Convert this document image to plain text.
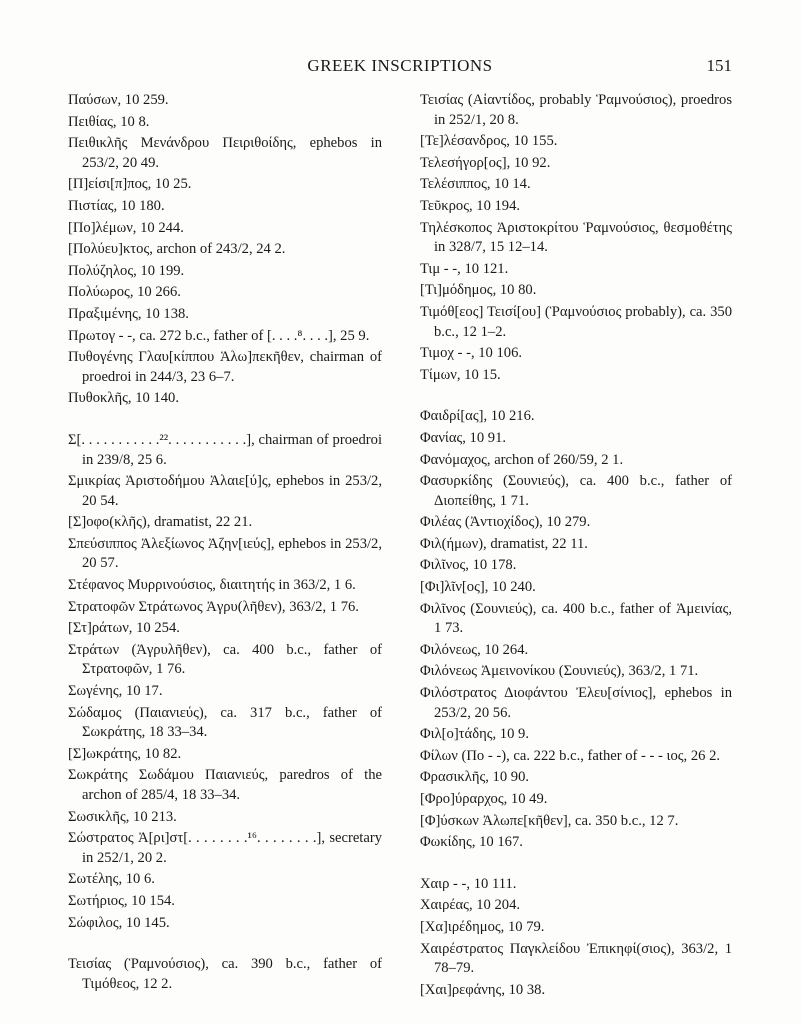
GREEK INSCRIPTIONS	151

Παύσων, 10 259.

Πειθίας, 10 8.

Πειθικλῆς Μενάνδρου Πειριθοίδης, ephebos in 253/2, 20 49.

[Π]είσι[π]πος, 10 25.

Πιστίας, 10 180.

[Πο]λέμων, 10 244.

[Πολύευ]κτος, archon of 243/2, 24 2.

Πολύζηλος, 10 199.

Πολύωρος, 10 266.

Πραξιμένης, 10 138.

Πρωτογ - -, ca. 272 b.c., father of [. . . .⁸. . . .], 25 9.

Πυθογένης Γλαυ[κίππου Ἁλω]πεκῆθεν, chairman of proedroi in 244/3, 23 6–7.

Πυθοκλῆς, 10 140.

Σ[. . . . . . . . . . .²². . . . . . . . . . .], chairman of proedroi in 239/8, 25 6.

Σμικρίας Ἀριστοδήμου Ἁλαιε[ύ]ς, ephebos in 253/2, 20 54.

[Σ]οφο(κλῆς), dramatist, 22 21.

Σπεύσιππος Ἀλεξίωνος Ἀζην[ιεύς], ephebos in 253/2, 20 57.

Στέφανος Μυρρινούσιος, διαιτητής in 363/2, 1 6.

Στρατοφῶν Στράτωνος Ἀγρυ(λῆθεν), 363/2, 1 76.

[Στ]ράτων, 10 254.

Στράτων (Ἀγρυλῆθεν), ca. 400 b.c., father of Στρατοφῶν, 1 76.

Σωγένης, 10 17.

Σώδαμος (Παιανιεύς), ca. 317 b.c., father of Σωκράτης, 18 33–34.

[Σ]ωκράτης, 10 82.

Σωκράτης Σωδάμου Παιανιεύς, paredros of the archon of 285/4, 18 33–34.

Σωσικλῆς, 10 213.

Σώστρατος Ἀ[ρι]στ[. . . . . . . .¹⁶. . . . . . . .], secretary in 252/1, 20 2.

Σωτέλης, 10 6.

Σωτήριος, 10 154.

Σώφιλος, 10 145.

Τεισίας (Ῥαμνούσιος), ca. 390 b.c., father of Τιμόθεος, 12 2.

Τεισίας (Αἰαντίδος, probably Ῥαμνούσιος), proedros in 252/1, 20 8.

[Τε]λέσανδρος, 10 155.

Τελεσήγορ[ος], 10 92.

Τελέσιππος, 10 14.

Τεῦκρος, 10 194.

Τηλέσκοπος Ἀριστοκρίτου Ῥαμνούσιος, θεσμοθέτης in 328/7, 15 12–14.

Τιμ - -, 10 121.

[Τι]μόδημος, 10 80.

Τιμόθ[εος] Τεισί[ου] (Ῥαμνούσιος probably), ca. 350 b.c., 12 1–2.

Τιμοχ - -, 10 106.

Τίμων, 10 15.

Φαιδρί[ας], 10 216.

Φανίας, 10 91.

Φανόμαχος, archon of 260/59, 2 1.

Φασυρκίδης (Σουνιεύς), ca. 400 b.c., father of Διοπείθης, 1 71.

Φιλέας (Ἀντιοχίδος), 10 279.

Φιλ(ήμων), dramatist, 22 11.

Φιλῖνος, 10 178.

[Φι]λῖν[ος], 10 240.

Φιλῖνος (Σουνιεύς), ca. 400 b.c., father of Ἀμεινίας, 1 73.

Φιλόνεως, 10 264.

Φιλόνεως Ἀμεινονίκου (Σουνιεύς), 363/2, 1 71.

Φιλόστρατος Διοφάντου Ἐλευ[σίνιος], ephebos in 253/2, 20 56.

Φιλ[ο]τάδης, 10 9.

Φίλων (Πο - -), ca. 222 b.c., father of - - - ιος, 26 2.

Φρασικλῆς, 10 90.

[Φρο]ύραρχος, 10 49.

[Φ]ύσκων Ἀλωπε[κῆθεν], ca. 350 b.c., 12 7.

Φωκίδης, 10 167.

Χαιρ - -, 10 111.

Χαιρέας, 10 204.

[Χα]ιρέδημος, 10 79.

Χαιρέστρατος Παγκλείδου Ἐπικηφί(σιος), 363/2, 1 78–79.

[Χαι]ρεφάνης, 10 38.
